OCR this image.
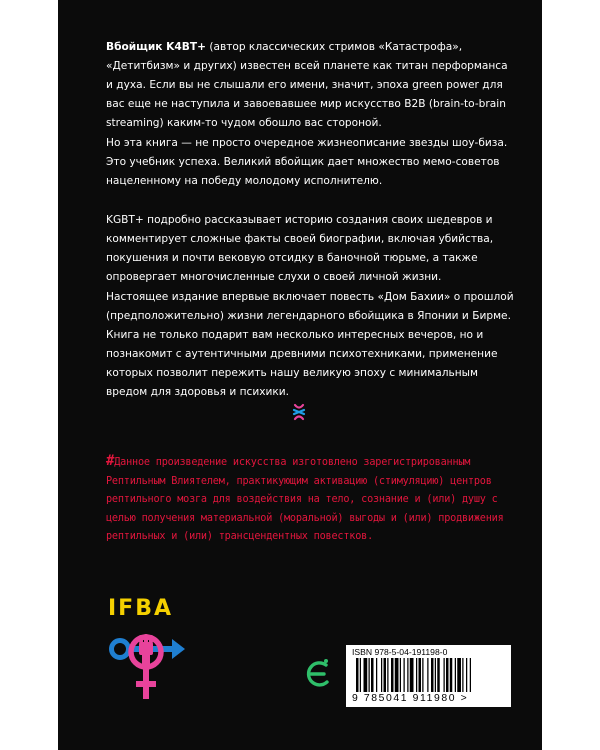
Вбойщик K4BT+ (автор классических стримов «Катастрофа», «Детитбизм» и других) известен всей планете как титан перформанса и духа. Если вы не слышали его имени, значит, эпоха green power для вас еще не наступила и завоевавшее мир искусство B2B (brain-to-brain streaming) каким-то чудом обошло вас стороной.

Но эта книга — не просто очередное жизнеописание звезды шоу-биза. Это учебник успеха. Великий вбойщик дает множество мемо-советов нацеленному на победу молодому исполнителю.

KGBT+ подробно рассказывает историю создания своих шедевров и комментирует сложные факты своей биографии, включая убийства, покушения и почти вековую отсидку в баночной тюрьме, а также опровергает многочисленные слухи о своей личной жизни.

Настоящее издание впервые включает повесть «Дом Бахии» о прошлой (предположительно) жизни легендарного вбойщика в Японии и Бирме. Книга не только подарит вам несколько интересных вечеров, но и познакомит с аутентичными древними психотехниками, применение которых позволит пережить нашу великую эпоху с минимальным вредом для здоровья и психики.

#Данное произведение искусства изготовлено зарегистрированным Рептильным Влиятелем, практикующим активацию (стимуляцию) центров рептильного мозга для воздействия на тело, сознание и (или) душу с целью получения материальной (моральной) выгоды и (или) продвижения рептильных и (или) трансцендентных повестков.

IFBA
ISBN 978-5-04-191198-0
9 785041 911980 >
